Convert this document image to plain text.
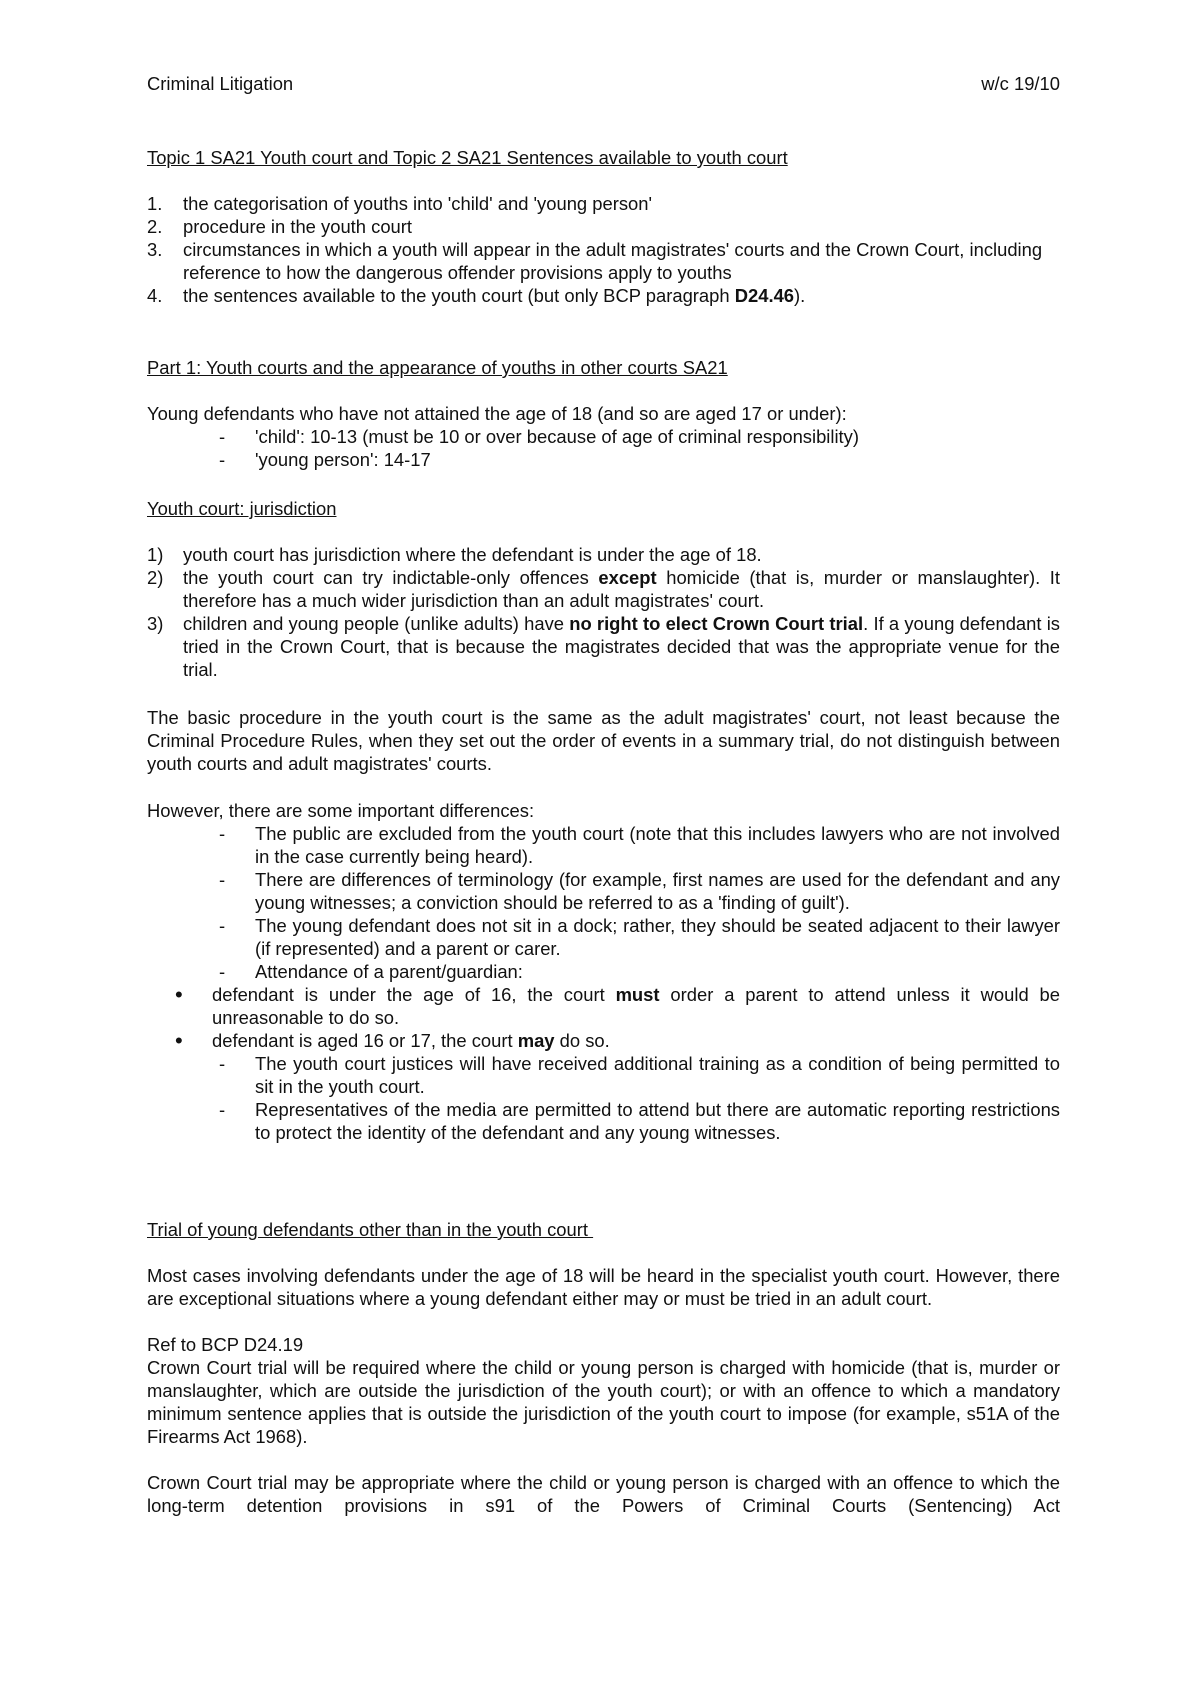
Criminal Litigation	w/c 19/10

Topic 1 SA21 Youth court and Topic 2 SA21 Sentences available to youth court

1. the categorisation of youths into 'child' and 'young person'
2. procedure in the youth court
3. circumstances in which a youth will appear in the adult magistrates' courts and the Crown Court, including reference to how the dangerous offender provisions apply to youths
4. the sentences available to the youth court (but only BCP paragraph D24.46).

Part 1: Youth courts and the appearance of youths in other courts SA21

Young defendants who have not attained the age of 18 (and so are aged 17 or under):

- 'child': 10-13 (must be 10 or over because of age of criminal responsibility)
- 'young person': 14-17

Youth court: jurisdiction

1) youth court has jurisdiction where the defendant is under the age of 18.
2) the youth court can try indictable-only offences except homicide (that is, murder or manslaughter). It therefore has a much wider jurisdiction than an adult magistrates' court.
3) children and young people (unlike adults) have no right to elect Crown Court trial. If a young defendant is tried in the Crown Court, that is because the magistrates decided that was the appropriate venue for the trial.
The basic procedure in the youth court is the same as the adult magistrates' court, not least because the Criminal Procedure Rules, when they set out the order of events in a summary trial, do not distinguish between youth courts and adult magistrates' courts.

However, there are some important differences:

- The public are excluded from the youth court (note that this includes lawyers who are not involved in the case currently being heard).
- There are differences of terminology (for example, first names are used for the defendant and any young witnesses; a conviction should be referred to as a 'finding of guilt').
- The young defendant does not sit in a dock; rather, they should be seated adjacent to their lawyer (if represented) and a parent or carer.
- Attendance of a parent/guardian:
• defendant is under the age of 16, the court must order a parent to attend unless it would be unreasonable to do so.
• defendant is aged 16 or 17, the court may do so.
- The youth court justices will have received additional training as a condition of being permitted to sit in the youth court.
- Representatives of the media are permitted to attend but there are automatic reporting restrictions to protect the identity of the defendant and any young witnesses.

Trial of young defendants other than in the youth court

Most cases involving defendants under the age of 18 will be heard in the specialist youth court. However, there are exceptional situations where a young defendant either may or must be tried in an adult court.

Ref to BCP D24.19

Crown Court trial will be required where the child or young person is charged with homicide (that is, murder or manslaughter, which are outside the jurisdiction of the youth court); or with an offence to which a mandatory minimum sentence applies that is outside the jurisdiction of the youth court to impose (for example, s51A of the Firearms Act 1968).

Crown Court trial may be appropriate where the child or young person is charged with an offence to which the long-term detention provisions in s91 of the Powers of Criminal Courts (Sentencing) Act
